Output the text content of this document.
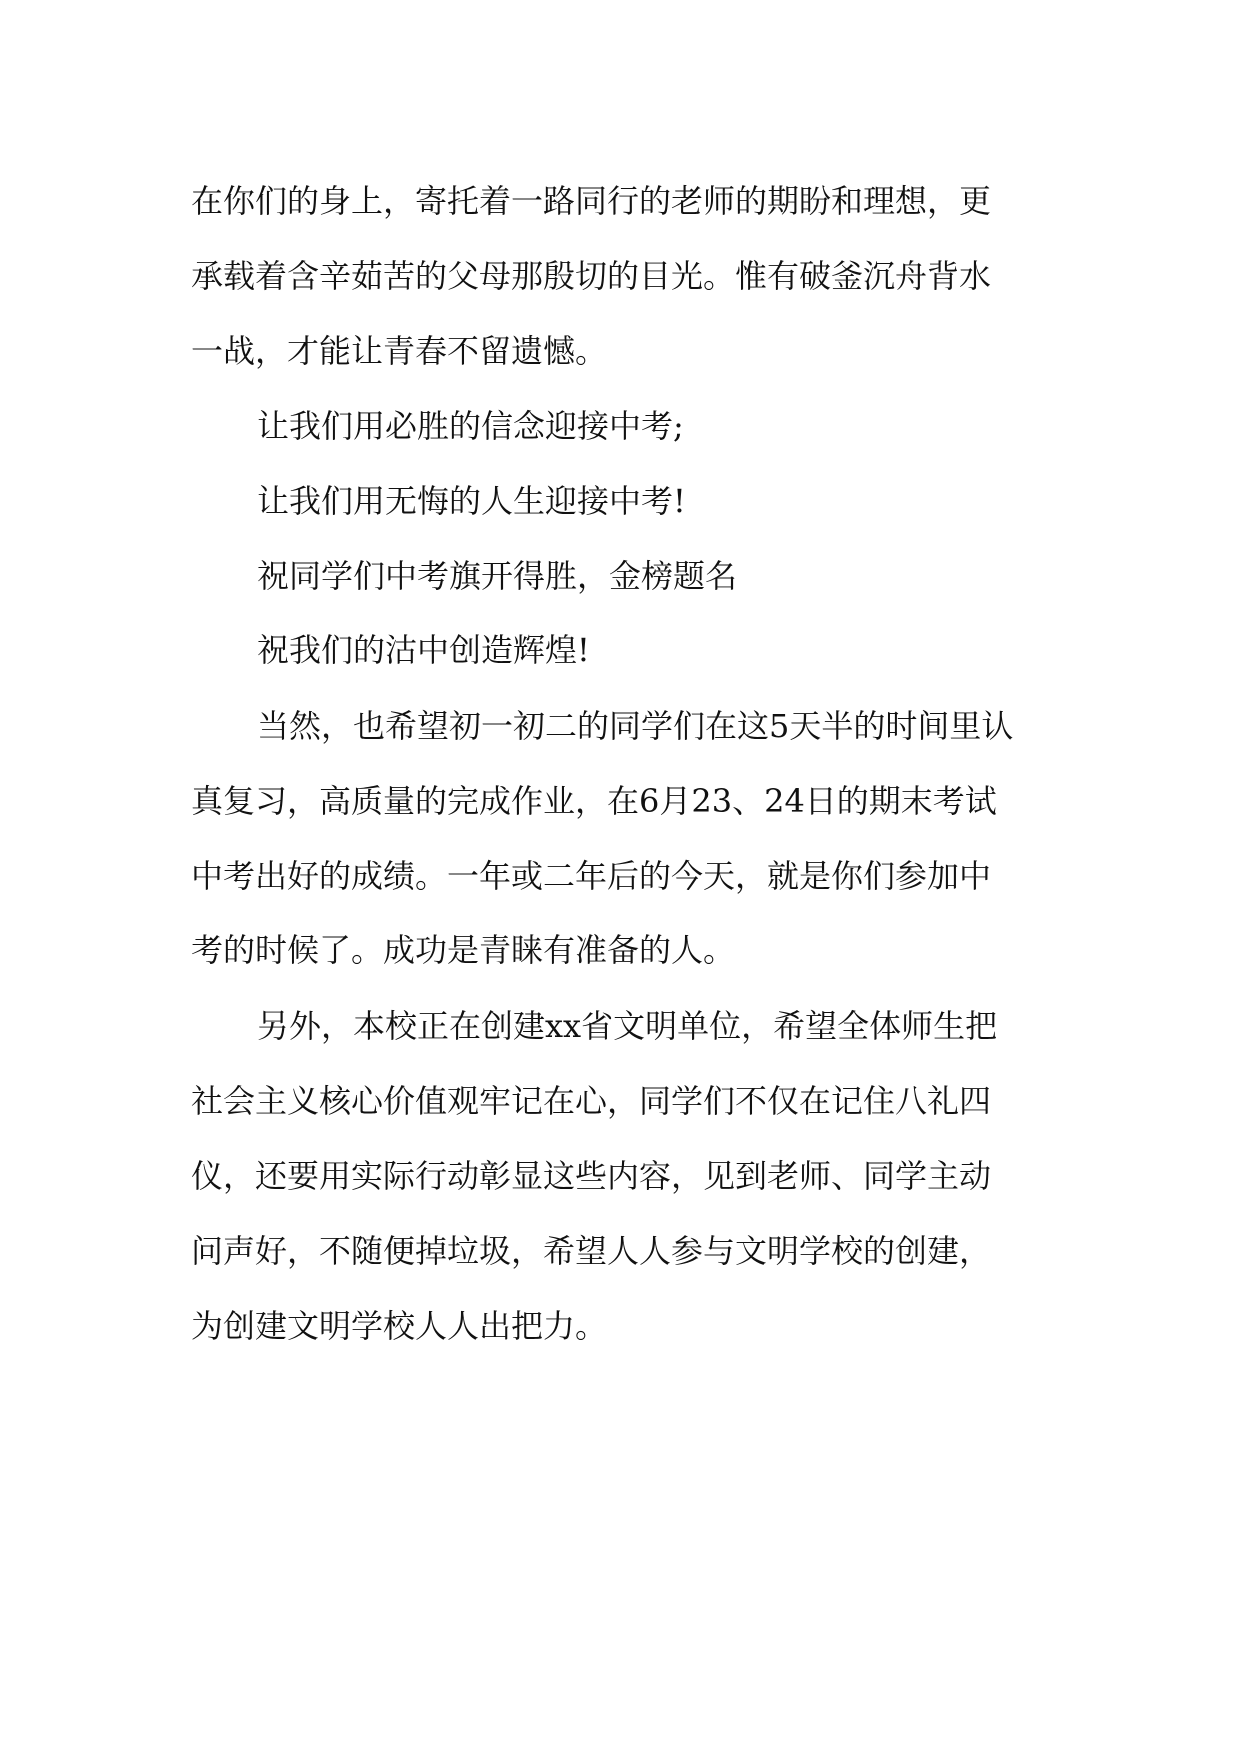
在你们的身上，寄托着一路同行的老师的期盼和理想，更

承载着含辛茹苦的父母那殷切的目光。惟有破釜沉舟背水

一战，才能让青春不留遗憾。

让我们用必胜的信念迎接中考;

让我们用无悔的人生迎接中考!

祝同学们中考旗开得胜，金榜题名

祝我们的沽中创造辉煌!

当然，也希望初一初二的同学们在这5天半的时间里认

真复习，高质量的完成作业，在6月23、24日的期末考试

中考出好的成绩。一年或二年后的今天，就是你们参加中

考的时候了。成功是青睐有准备的人。

另外，本校正在创建xx省文明单位，希望全体师生把

社会主义核心价值观牢记在心，同学们不仅在记住八礼四

仪，还要用实际行动彰显这些内容，见到老师、同学主动

问声好，不随便掉垃圾，希望人人参与文明学校的创建，

为创建文明学校人人出把力。
